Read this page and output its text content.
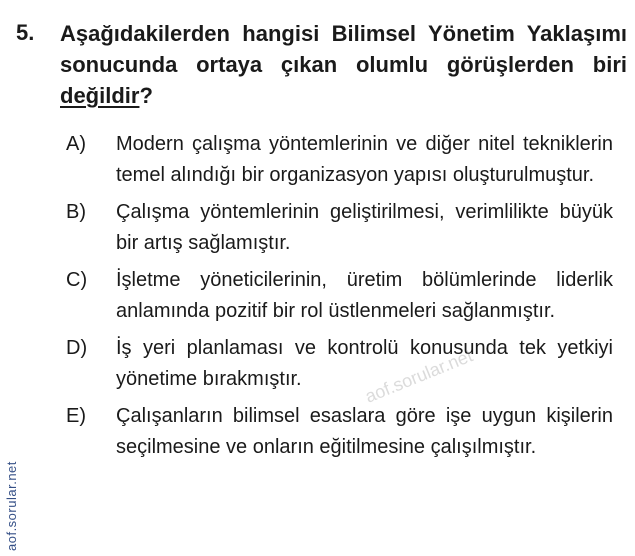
5. Aşağıdakilerden hangisi Bilimsel Yönetim Yaklaşımı sonucunda ortaya çıkan olumlu görüşlerden biri değildir?
A) Modern çalışma yöntemlerinin ve diğer nitel tekniklerin temel alındığı bir organizasyon yapısı oluşturulmuştur.
B) Çalışma yöntemlerinin geliştirilmesi, verimlilikte büyük bir artış sağlamıştır.
C) İşletme yöneticilerinin, üretim bölümlerinde liderlik anlamında pozitif bir rol üstlenmeleri sağlanmıştır.
D) İş yeri planlaması ve kontrolü konusunda tek yetkiyi yönetime bırakmıştır.
E) Çalışanların bilimsel esaslara göre işe uygun kişilerin seçilmesine ve onların eğitilmesine çalışılmıştır.
aof.sorular.net
aof.sorular.net
